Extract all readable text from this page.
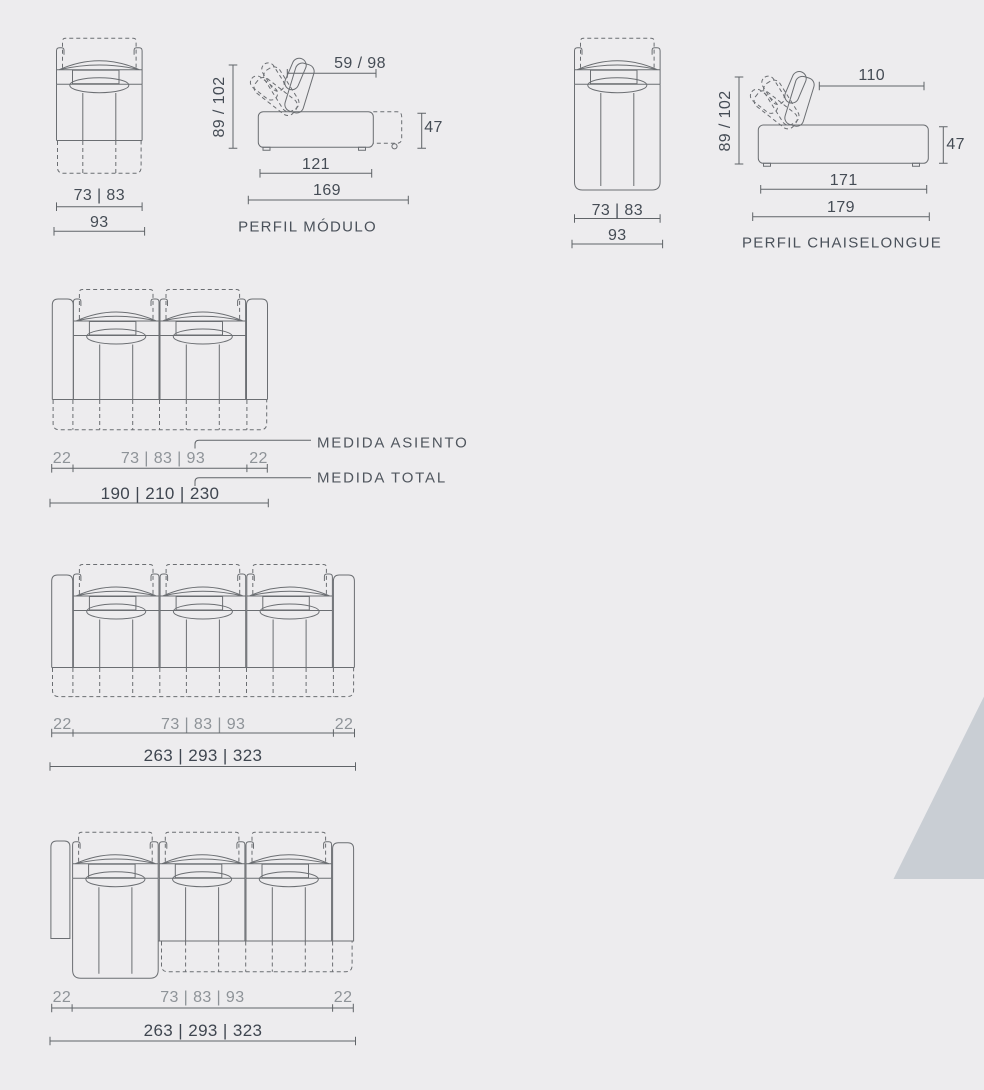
73 | 83
93
59 / 98
89 / 102	47
121
169
PERFIL MÓDULO
73 | 83
93
110
89 / 102	47
171
179
PERFIL CHAISELONGUE
22	73 | 83 | 93	22
MEDIDA ASIENTO
MEDIDA TOTAL
190 | 210 | 230
22	73 | 83 | 93	22
263 | 293 | 323
22	73 | 83 | 93	22
263 | 293 | 323
